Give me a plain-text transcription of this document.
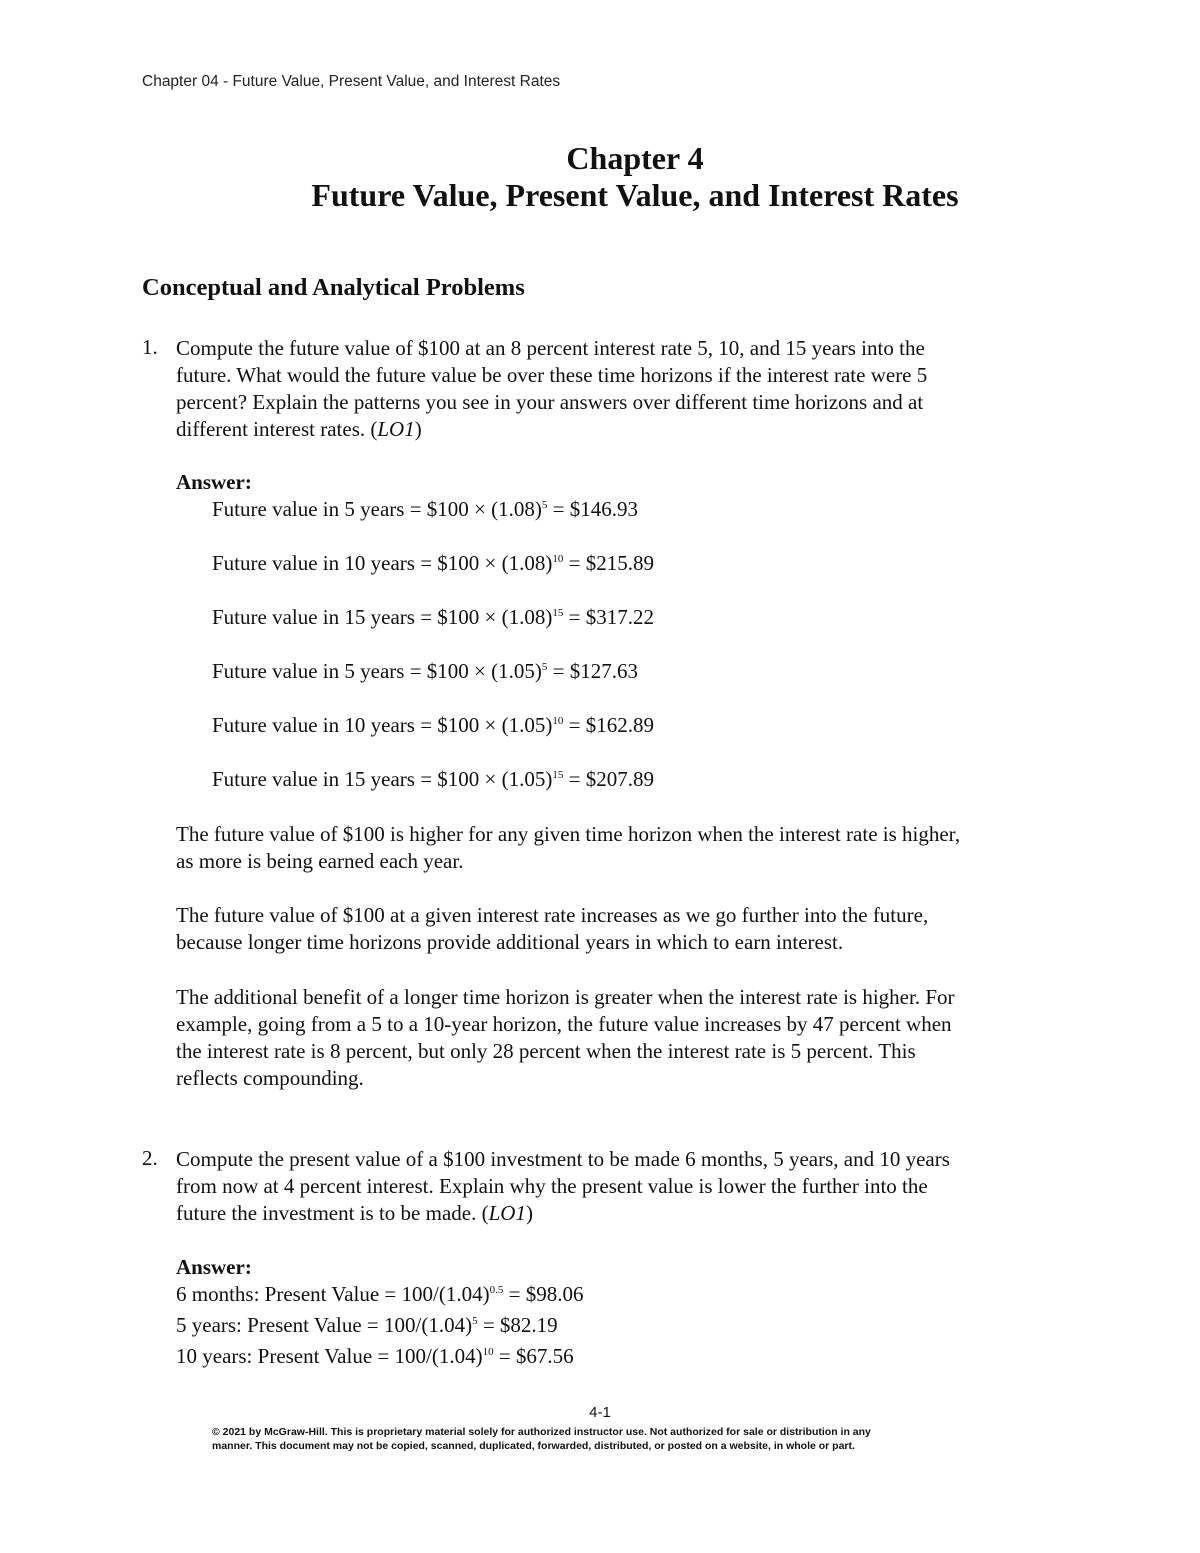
Chapter 04 - Future Value, Present Value, and Interest Rates
Chapter 4
Future Value, Present Value, and Interest Rates
Conceptual and Analytical Problems
1. Compute the future value of $100 at an 8 percent interest rate 5, 10, and 15 years into the
future. What would the future value be over these time horizons if the interest rate were 5
percent? Explain the patterns you see in your answers over different time horizons and at
different interest rates. (LO1)
Answer:
Future value in 5 years = $100 × $(1.08)^5$ = $146.93
Future value in 10 years = $100 × $(1.08)^{10}$ = $215.89
Future value in 15 years = $100 × $(1.08)^{15}$ = $317.22
Future value in 5 years = $100 × $(1.05)^5$ = $127.63
Future value in 10 years = $100 × $(1.05)^{10}$ = $162.89
Future value in 15 years = $100 × $(1.05)^{15}$ = $207.89
The future value of $100 is higher for any given time horizon when the interest rate is higher,
as more is being earned each year.
The future value of $100 at a given interest rate increases as we go further into the future,
because longer time horizons provide additional years in which to earn interest.
The additional benefit of a longer time horizon is greater when the interest rate is higher. For
example, going from a 5 to a 10-year horizon, the future value increases by 47 percent when
the interest rate is 8 percent, but only 28 percent when the interest rate is 5 percent. This
reflects compounding.
2. Compute the present value of a $100 investment to be made 6 months, 5 years, and 10 years
from now at 4 percent interest. Explain why the present value is lower the further into the
future the investment is to be made. (LO1)
Answer:
6 months: Present Value = $100/(1.04)^{0.5}$ = $98.06
5 years: Present Value = $100/(1.04)^5$ = $82.19
10 years: Present Value = $100/(1.04)^{10}$ = $67.56
4-1
© 2021 by McGraw-Hill. This is proprietary material solely for authorized instructor use. Not authorized for sale or distribution in any
manner. This document may not be copied, scanned, duplicated, forwarded, distributed, or posted on a website, in whole or part.
